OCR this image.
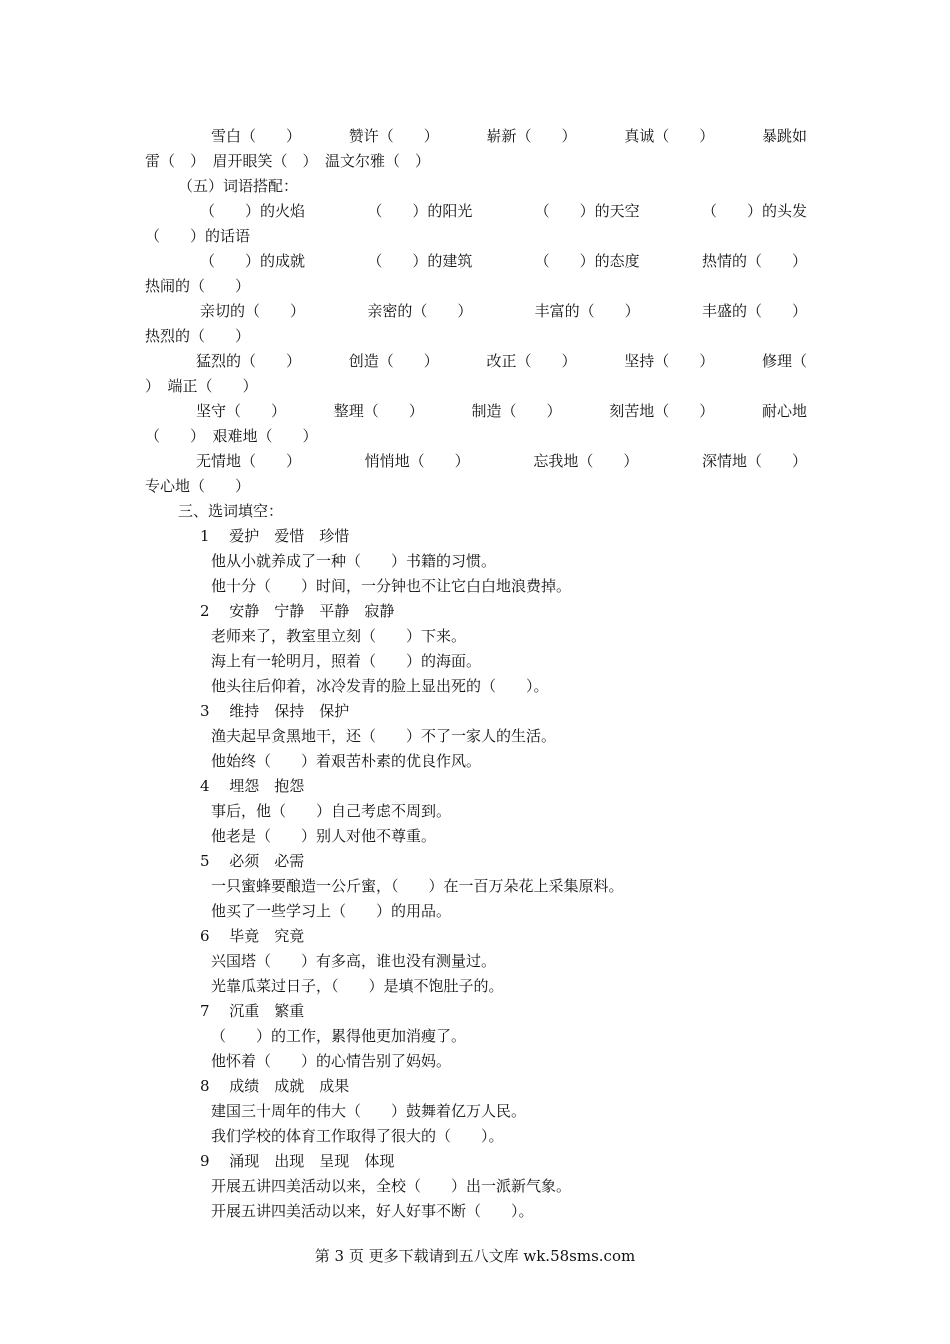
雪白（　　）	赞许（　　）	崭新（　　）	真诚（　　）	暴跳如
雷（　）　眉开眼笑（　）　温文尔雅（　）
（五）词语搭配：
（　　）的火焰	（　　）的阳光	（　　）的天空	（　　）的头发
（　　）的话语
（　　）的成就	（　　）的建筑	（　　）的态度	热情的（　　）
热闹的（　　）
亲切的（　　）	亲密的（　　）	丰富的（　　）	丰盛的（　　）
热烈的（　　）
猛烈的（　　）	创造（　　）	改正（　　）	坚持（　　）	修理（
）　端正（　　）
坚守（　　）	整理（　　）	制造（　　）	刻苦地（　　）	耐心地
（　　）　艰难地（　　）
无情地（　　）	悄悄地（　　）	忘我地（　　）	深情地（　　）
专心地（　　）
三、选词填空：
1　 爱护　爱惜　珍惜
他从小就养成了一种（　　）书籍的习惯。
他十分（　　）时间，一分钟也不让它白白地浪费掉。
2　 安静　宁静　平静　寂静
老师来了，教室里立刻（　　）下来。
海上有一轮明月，照着（　　）的海面。
他头往后仰着，冰冷发青的脸上显出死的（　　）。
3　 维持　保持　保护
渔夫起早贪黑地干，还（　　）不了一家人的生活。
他始终（　　）着艰苦朴素的优良作风。
4　 埋怨　抱怨
事后，他（　　）自己考虑不周到。
他老是（　　）别人对他不尊重。
5　 必须　必需
一只蜜蜂要酿造一公斤蜜，（　　）在一百万朵花上采集原料。
他买了一些学习上（　　）的用品。
6　 毕竟　究竟
兴国塔（　　）有多高，谁也没有测量过。
光靠瓜菜过日子，（　　）是填不饱肚子的。
7　 沉重　繁重
（　　）的工作，累得他更加消瘦了。
他怀着（　　）的心情告别了妈妈。
8　 成绩　成就　成果
建国三十周年的伟大（　　）鼓舞着亿万人民。
我们学校的体育工作取得了很大的（　　）。
9　 涌现　出现　呈现　体现
开展五讲四美活动以来，全校（　　）出一派新气象。
开展五讲四美活动以来，好人好事不断（　　）。
第 3 页 更多下载请到五八文库 wk.58sms.com
